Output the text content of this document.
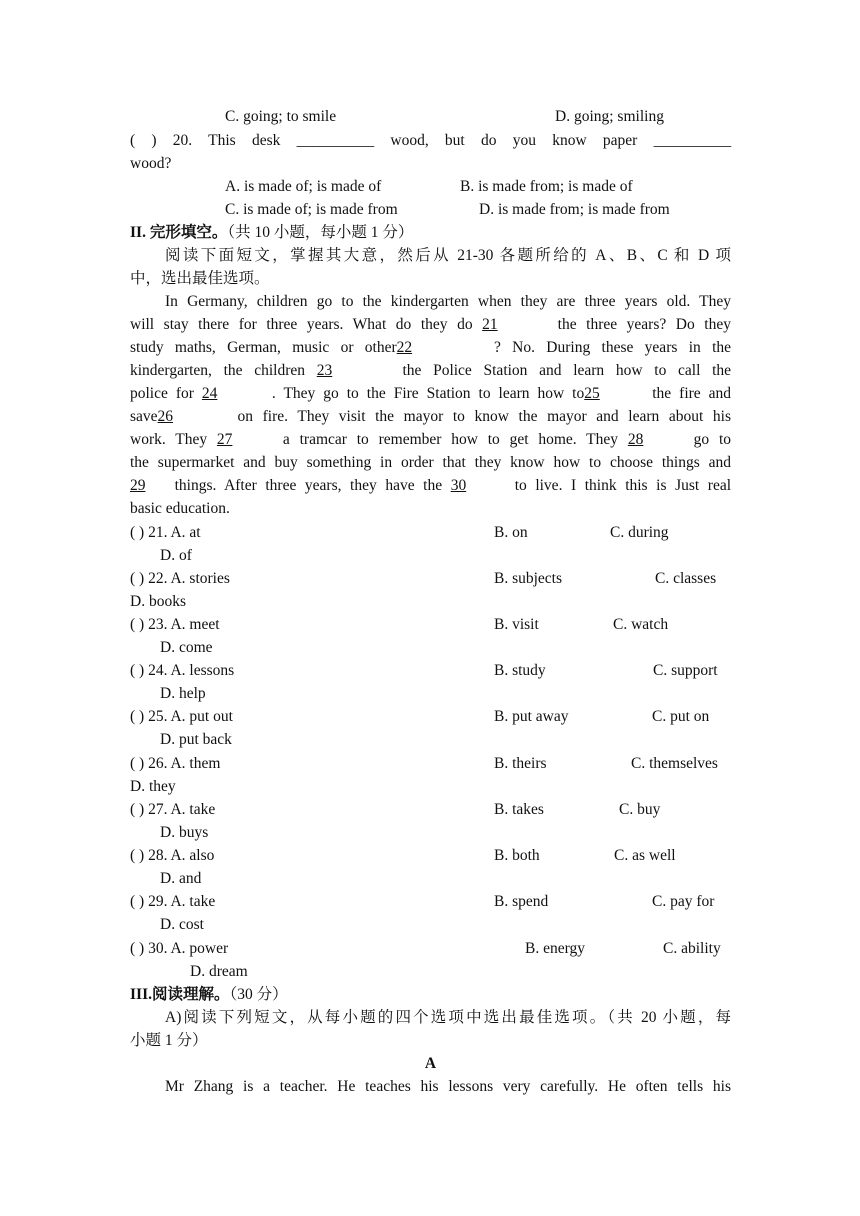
C. going; to smile	D. going; smiling
( ) 20. This desk __________ wood, but do you know paper __________
wood?
A. is made of; is made of	B. is made from; is made of
C. is made of; is made from	D. is made from; is made from
II. 完形填空。（共 10 小题，每小题 1 分）
阅读下面短文，掌握其大意，然后从 21-30 各题所给的 A、B、C 和 D 项
中，选出最佳选项。
In Germany, children go to the kindergarten when they are three years old. They
will stay there for three years. What do they do 21	the three years? Do they
study maths, German, music or other22	? No. During these years in the
kindergarten, the children 23	the Police Station and learn how to call the
police for 24	. They go to the Fire Station to learn how to25	the fire and
save26	on fire. They visit the mayor to know the mayor and learn about his
work. They 27	a tramcar to remember how to get home. They 28	go to
the supermarket and buy something in order that they know how to choose things and
29 things. After three years, they have the 30	to live. I think this is Just real
basic education.
( ) 21. A. at	B. on	C. during
D. of
( ) 22. A. stories	B. subjects	C. classes
D. books
( ) 23. A. meet	B. visit	C. watch
D. come
( ) 24. A. lessons	B. study	C. support
D. help
( ) 25. A. put out	B. put away	C. put on
D. put back
( ) 26. A. them	B. theirs	C. themselves
D. they
( ) 27. A. take	B. takes	C. buy
D. buys
( ) 28. A. also	B. both	C. as well
D. and
( ) 29. A. take	B. spend	C. pay for
D. cost
( ) 30. A. power	B. energy	C. ability
D. dream
III.阅读理解。（30 分）
A)阅读下列短文，从每小题的四个选项中选出最佳选项。（共 20 小题，每
小题 1 分）
A
Mr Zhang is a teacher. He teaches his lessons very carefully. He often tells his
